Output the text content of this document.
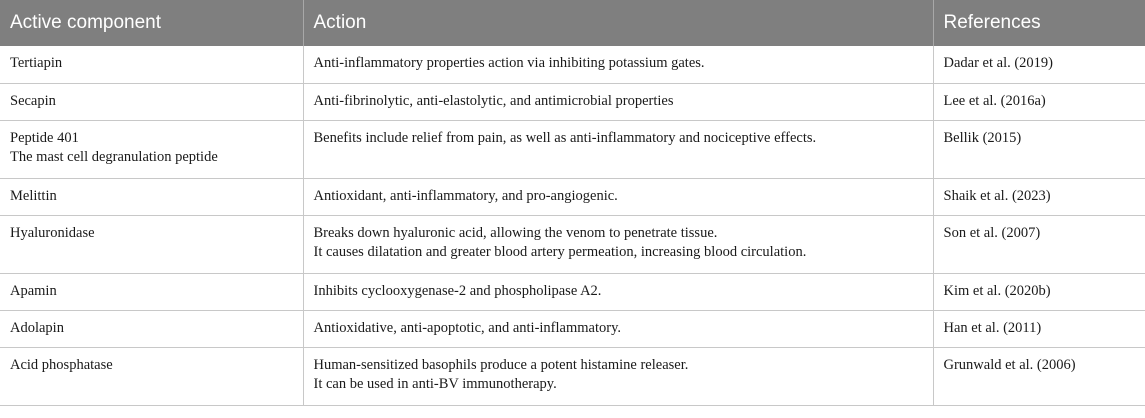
Active component	Action	References

Tertiapin	Anti-inflammatory properties action via inhibiting potassium gates.	Dadar et al. (2019)

Secapin	Anti-fibrinolytic, anti-elastolytic, and antimicrobial properties	Lee et al. (2016a)

Peptide 401
The mast cell degranulation peptide	Benefits include relief from pain, as well as anti-inflammatory and nociceptive effects.	Bellik (2015)

Melittin	Antioxidant, anti-inflammatory, and pro-angiogenic.	Shaik et al. (2023)

Hyaluronidase	Breaks down hyaluronic acid, allowing the venom to penetrate tissue.
It causes dilatation and greater blood artery permeation, increasing blood circulation.	Son et al. (2007)

Apamin	Inhibits cyclooxygenase-2 and phospholipase A2.	Kim et al. (2020b)

Adolapin	Antioxidative, anti-apoptotic, and anti-inflammatory.	Han et al. (2011)

Acid phosphatase	Human-sensitized basophils produce a potent histamine releaser.
It can be used in anti-BV immunotherapy.	Grunwald et al. (2006)
